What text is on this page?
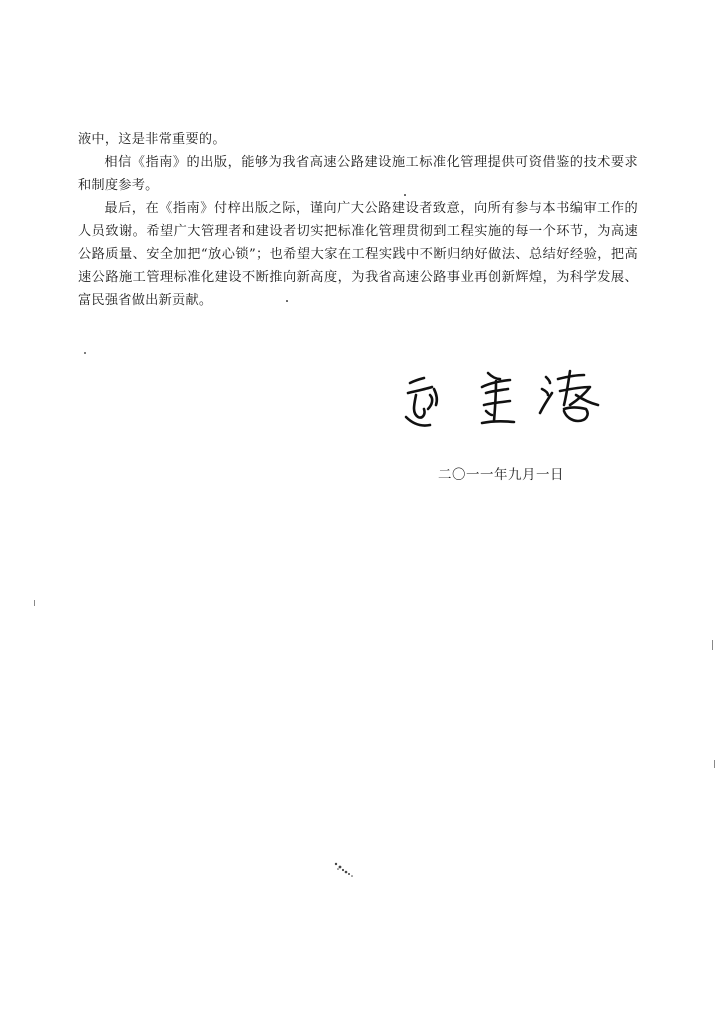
液中，这是非常重要的。

相信《指南》的出版，能够为我省高速公路建设施工标准化管理提供可资借鉴的技术要求和制度参考。

最后，在《指南》付梓出版之际，谨向广大公路建设者致意，向所有参与本书编审工作的人员致谢。希望广大管理者和建设者切实把标准化管理贯彻到工程实施的每一个环节，为高速公路质量、安全加把“放心锁”；也希望大家在工程实践中不断归纳好做法、总结好经验，把高速公路施工管理标准化建设不断推向新高度，为我省高速公路事业再创新辉煌，为科学发展、富民强省做出新贡献。

二〇一一年九月一日
